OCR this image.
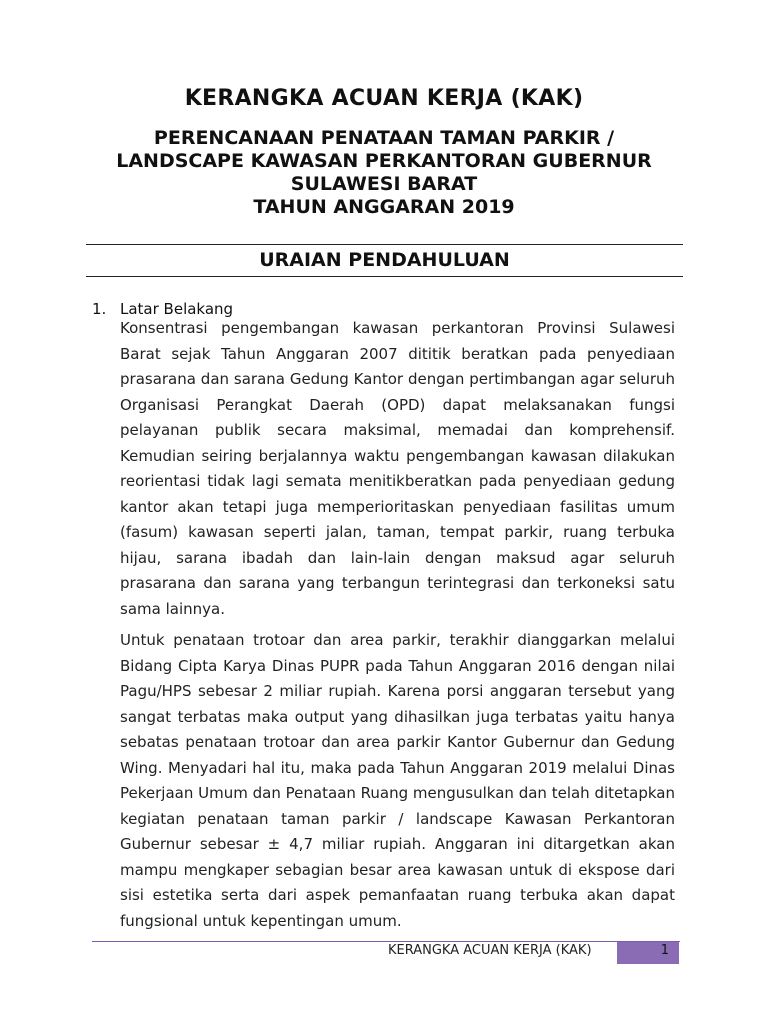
KERANGKA ACUAN KERJA (KAK)
PERENCANAAN PENATAAN TAMAN PARKIR /
LANDSCAPE KAWASAN PERKANTORAN GUBERNUR
SULAWESI BARAT
TAHUN ANGGARAN 2019
URAIAN PENDAHULUAN
1. Latar Belakang

Konsentrasi pengembangan kawasan perkantoran Provinsi Sulawesi Barat sejak Tahun Anggaran 2007 dititik beratkan pada penyediaan prasarana dan sarana Gedung Kantor dengan pertimbangan agar seluruh Organisasi Perangkat Daerah (OPD) dapat melaksanakan fungsi pelayanan publik secara maksimal, memadai dan komprehensif. Kemudian seiring berjalannya waktu pengembangan kawasan dilakukan reorientasi tidak lagi semata menitikberatkan pada penyediaan gedung kantor akan tetapi juga memperioritaskan penyediaan fasilitas umum (fasum) kawasan seperti jalan, taman, tempat parkir, ruang terbuka hijau, sarana ibadah dan lain-lain dengan maksud agar seluruh prasarana dan sarana yang terbangun terintegrasi dan terkoneksi satu sama lainnya.

Untuk penataan trotoar dan area parkir, terakhir dianggarkan melalui Bidang Cipta Karya Dinas PUPR pada Tahun Anggaran 2016 dengan nilai Pagu/HPS sebesar 2 miliar rupiah. Karena porsi anggaran tersebut yang sangat terbatas maka output yang dihasilkan juga terbatas yaitu hanya sebatas penataan trotoar dan area parkir Kantor Gubernur dan Gedung Wing. Menyadari hal itu, maka pada Tahun Anggaran 2019 melalui Dinas Pekerjaan Umum dan Penataan Ruang mengusulkan dan telah ditetapkan kegiatan penataan taman parkir / landscape Kawasan Perkantoran Gubernur sebesar ± 4,7 miliar rupiah. Anggaran ini ditargetkan akan mampu mengkaper sebagian besar area kawasan untuk di ekspose dari sisi estetika serta dari aspek pemanfaatan ruang terbuka akan dapat fungsional untuk kepentingan umum.

KERANGKA ACUAN KERJA (KAK)	1
